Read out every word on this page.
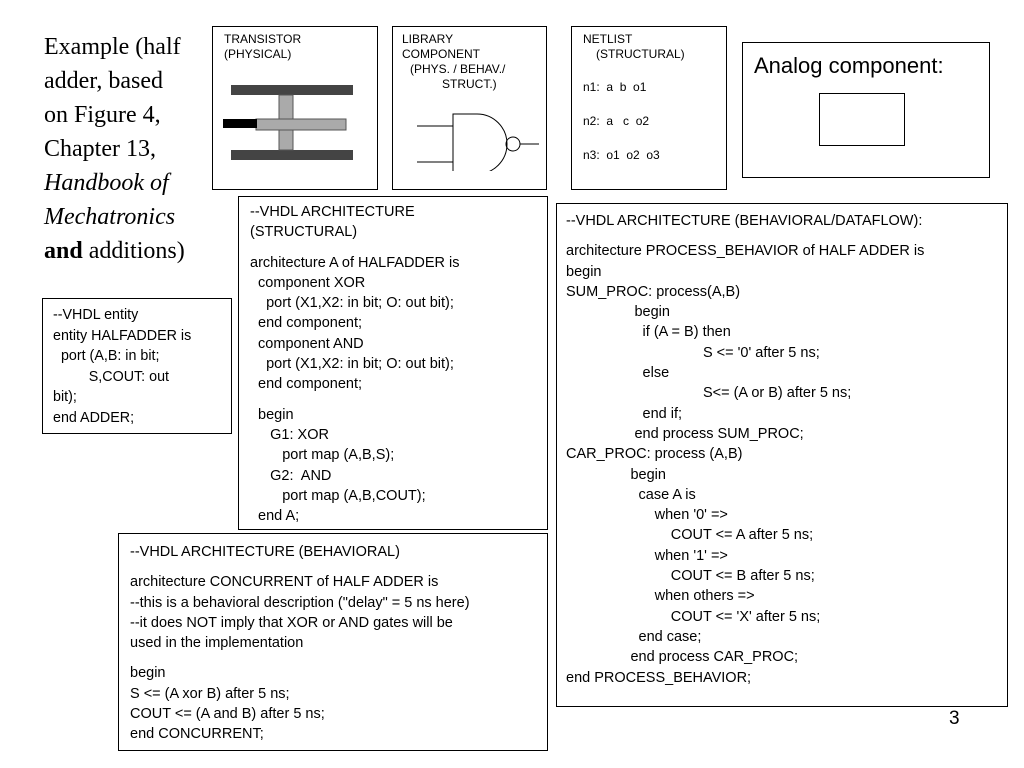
Example (half
adder, based
on Figure 4,
Chapter 13,
Handbook of
Mechatronics
and additions)
TRANSISTOR
(PHYSICAL)
LIBRARY
COMPONENT
(PHYS. / BEHAV./
STRUCT.)
NETLIST
(STRUCTURAL)
n1:  a  b  o1
n2:  a   c  o2
n3:  o1  o2  o3
Analog component:
--VHDL entity
entity HALFADDER is
port (A,B: in bit;
S,COUT: out
bit);
end ADDER;
--VHDL ARCHITECTURE
(STRUCTURAL)
architecture A of HALFADDER is
component XOR
port (X1,X2: in bit; O: out bit);
end component;
component AND
port (X1,X2: in bit; O: out bit);
end component;
begin
G1: XOR
port map (A,B,S);
G2:  AND
port map (A,B,COUT);
end A;
--VHDL ARCHITECTURE (BEHAVIORAL)
architecture CONCURRENT of HALF ADDER is
--this is a behavioral description ("delay" = 5 ns here)
--it does NOT imply that XOR or AND gates will be
used in the implementation
begin
S <= (A xor B) after 5 ns;
COUT <= (A and B) after 5 ns;
end CONCURRENT;
--VHDL ARCHITECTURE (BEHAVIORAL/DATAFLOW):
architecture PROCESS_BEHAVIOR of HALF ADDER is
begin
SUM_PROC: process(A,B)
begin
if (A = B) then
S <= '0' after 5 ns;
else
S<= (A or B) after 5 ns;
end if;
end process SUM_PROC;
CAR_PROC: process (A,B)
begin
case A is
when '0' =>
COUT <= A after 5 ns;
when '1' =>
COUT <= B after 5 ns;
when others =>
COUT <= 'X' after 5 ns;
end case;
end process CAR_PROC;
end PROCESS_BEHAVIOR;
3
